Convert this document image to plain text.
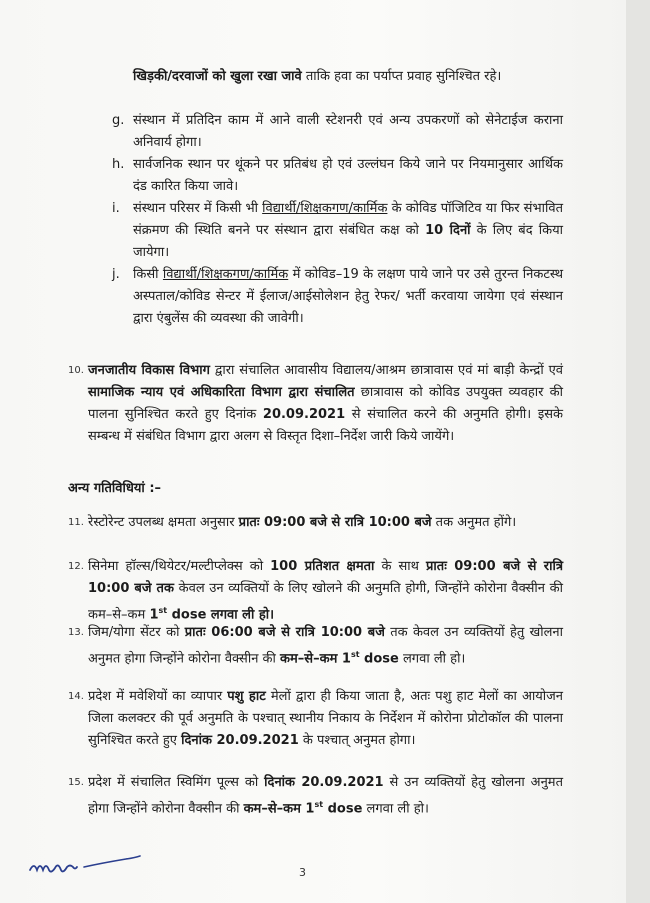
खिड़की/दरवाजों को खुला रखा जावे ताकि हवा का पर्याप्त प्रवाह सुनिश्चित रहे।
g. संस्थान में प्रतिदिन काम में आने वाली स्टेशनरी एवं अन्य उपकरणों को सेनेटाईज कराना अनिवार्य होगा।
h. सार्वजनिक स्थान पर थूंकने पर प्रतिबंध हो एवं उल्लंघन किये जाने पर नियमानुसार आर्थिक दंड कारित किया जावे।
i. संस्थान परिसर में किसी भी विद्यार्थी/शिक्षकगण/कार्मिक के कोविड पॉजिटिव या फिर संभावित संक्रमण की स्थिति बनने पर संस्थान द्वारा संबंधित कक्ष को 10 दिनों के लिए बंद किया जायेगा।
j. किसी विद्यार्थी/शिक्षकगण/कार्मिक में कोविड–19 के लक्षण पाये जाने पर उसे तुरन्त निकटस्थ अस्पताल/कोविड सेन्टर में ईलाज/आईसोलेशन हेतु रेफर/ भर्ती करवाया जायेगा एवं संस्थान द्वारा एंबुलेंस की व्यवस्था की जावेगी।
10. जनजातीय विकास विभाग द्वारा संचालित आवासीय विद्यालय/आश्रम छात्रावास एवं मां बाड़ी केन्द्रों एवं सामाजिक न्याय एवं अधिकारिता विभाग द्वारा संचालित छात्रावास को कोविड उपयुक्त व्यवहार की पालना सुनिश्चित करते हुए दिनांक 20.09.2021 से संचालित करने की अनुमति होगी। इसके सम्बन्ध में संबंधित विभाग द्वारा अलग से विस्तृत दिशा–निर्देश जारी किये जायेंगे।
अन्य गतिविधियां :–
11. रेस्टोरेन्ट उपलब्ध क्षमता अनुसार प्रातः 09:00 बजे से रात्रि 10:00 बजे तक अनुमत होंगे।
12. सिनेमा हॉल्स/थियेटर/मल्टीप्लेक्स को 100 प्रतिशत क्षमता के साथ प्रातः 09:00 बजे से रात्रि 10:00 बजे तक केवल उन व्यक्तियों के लिए खोलने की अनुमति होगी, जिन्होंने कोरोना वैक्सीन की कम–से–कम 1st dose लगवा ली हो।
13. जिम/योगा सेंटर को प्रातः 06:00 बजे से रात्रि 10:00 बजे तक केवल उन व्यक्तियों हेतु खोलना अनुमत होगा जिन्होंने कोरोना वैक्सीन की कम–से–कम 1st dose लगवा ली हो।
14. प्रदेश में मवेशियों का व्यापार पशु हाट मेलों द्वारा ही किया जाता है, अतः पशु हाट मेलों का आयोजन जिला कलक्टर की पूर्व अनुमति के पश्चात् स्थानीय निकाय के निर्देशन में कोरोना प्रोटोकॉल की पालना सुनिश्चित करते हुए दिनांक 20.09.2021 के पश्चात् अनुमत होगा।
15. प्रदेश में संचालित स्विमिंग पूल्स को दिनांक 20.09.2021 से उन व्यक्तियों हेतु खोलना अनुमत होगा जिन्होंने कोरोना वैक्सीन की कम–से–कम 1st dose लगवा ली हो।
3
